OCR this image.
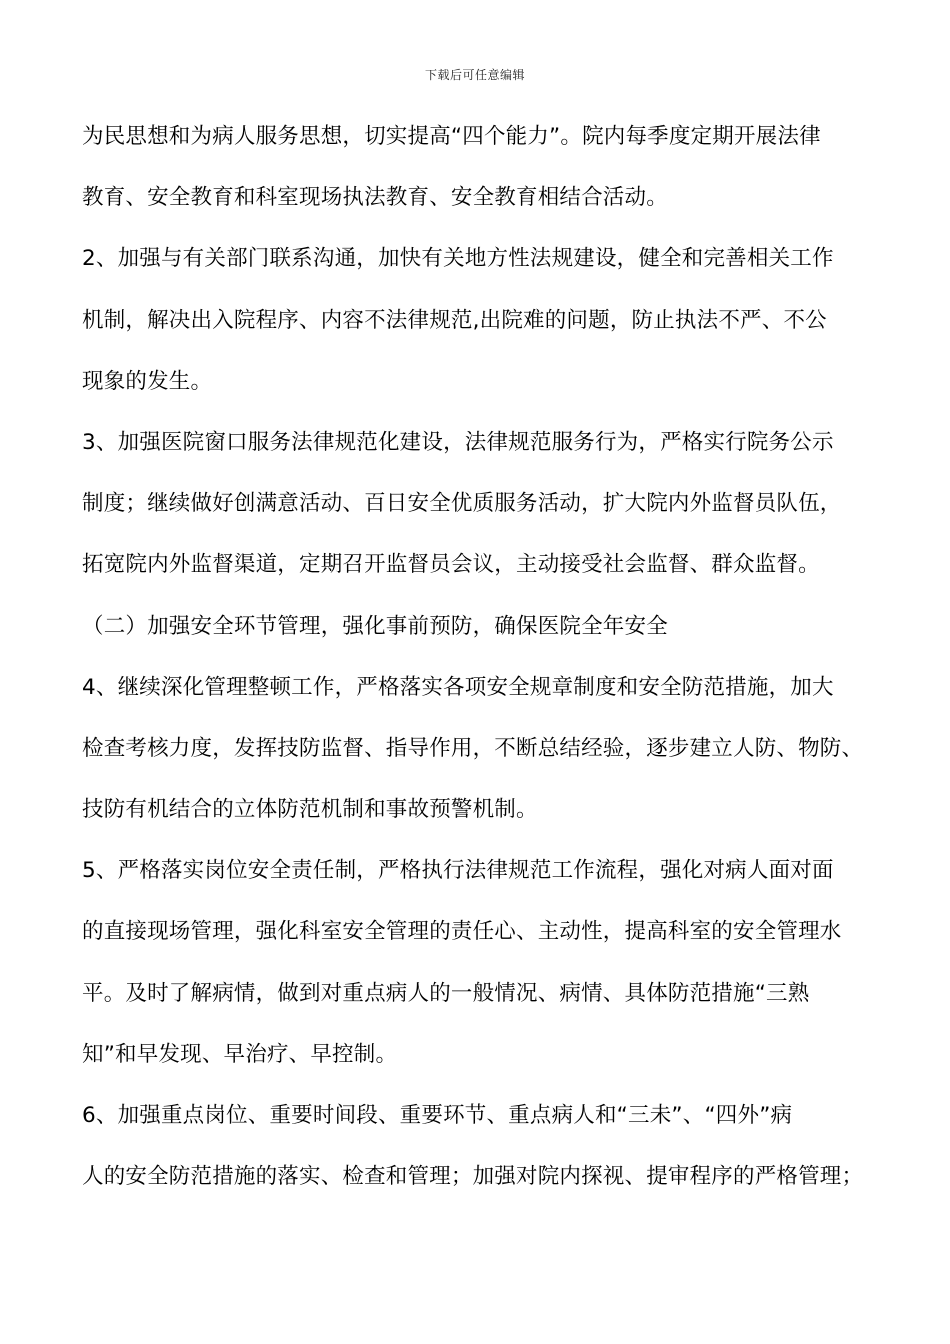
下载后可任意编辑
为民思想和为病人服务思想，切实提高“四个能力”。院内每季度定期开展法律
教育、安全教育和科室现场执法教育、安全教育相结合活动。
2、加强与有关部门联系沟通，加快有关地方性法规建设，健全和完善相关工作
机制，解决出入院程序、内容不法律规范,出院难的问题，防止执法不严、不公
现象的发生。
3、加强医院窗口服务法律规范化建设，法律规范服务行为，严格实行院务公示
制度；继续做好创满意活动、百日安全优质服务活动，扩大院内外监督员队伍，
拓宽院内外监督渠道，定期召开监督员会议，主动接受社会监督、群众监督。
（二）加强安全环节管理，强化事前预防，确保医院全年安全
4、继续深化管理整顿工作，严格落实各项安全规章制度和安全防范措施，加大
检查考核力度，发挥技防监督、指导作用，不断总结经验，逐步建立人防、物防、
技防有机结合的立体防范机制和事故预警机制。
5、严格落实岗位安全责任制，严格执行法律规范工作流程，强化对病人面对面
的直接现场管理，强化科室安全管理的责任心、主动性，提高科室的安全管理水
平。及时了解病情，做到对重点病人的一般情况、病情、具体防范措施“三熟
知”和早发现、早治疗、早控制。
6、加强重点岗位、重要时间段、重要环节、重点病人和“三未”、“四外”病
人的安全防范措施的落实、检查和管理；加强对院内探视、提审程序的严格管理；
